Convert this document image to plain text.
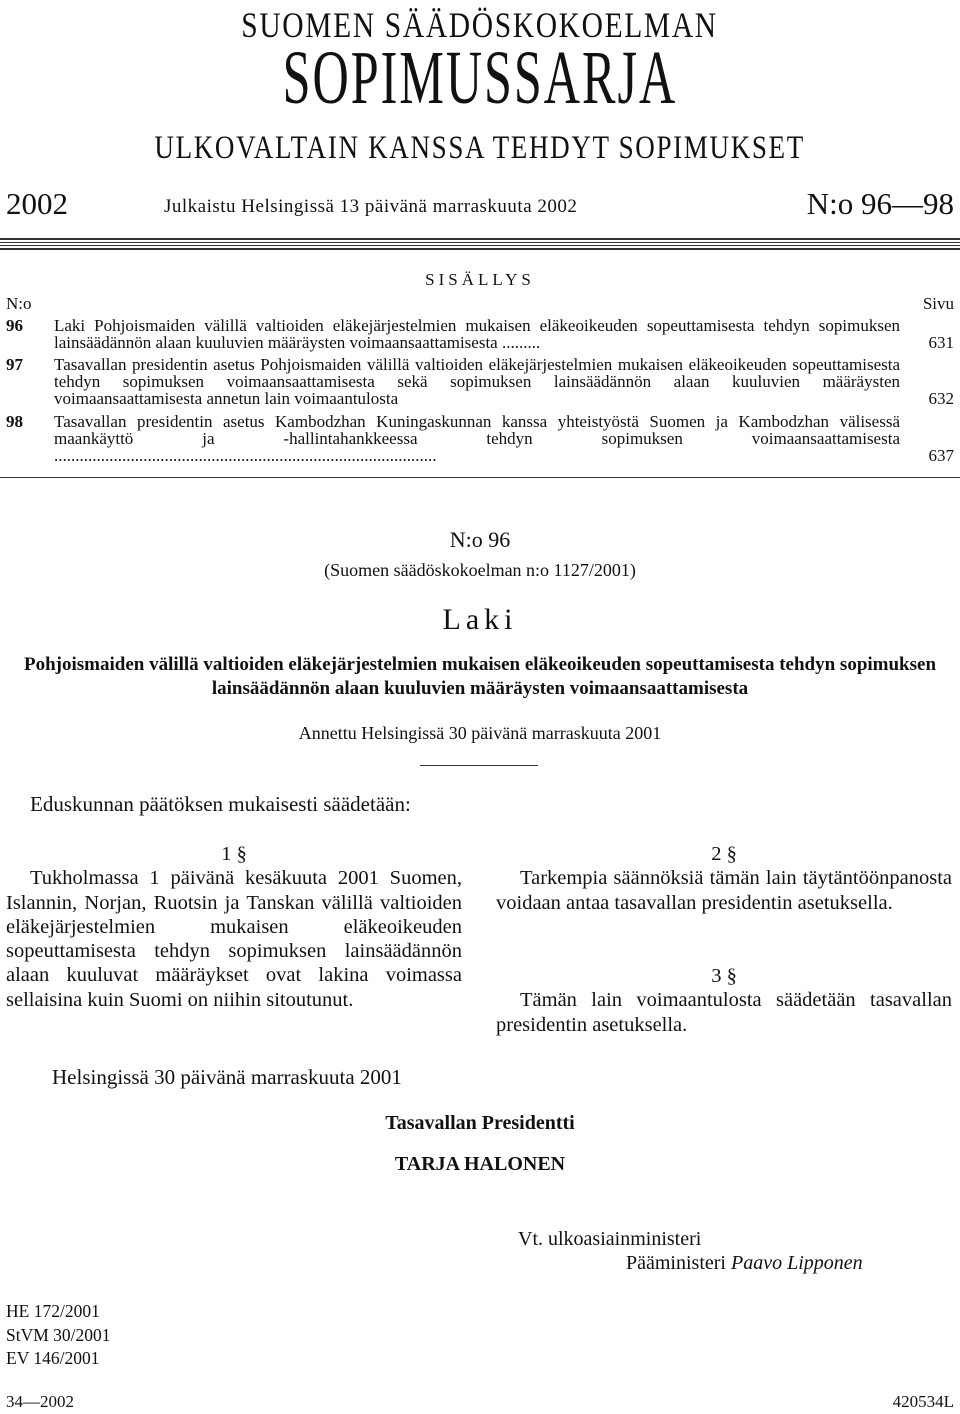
SUOMEN SÄÄDÖSKOKOELMAN
SOPIMUSSARJA
ULKOVALTAIN KANSSA TEHDYT SOPIMUKSET
2002	Julkaistu Helsingissä 13 päivänä marraskuuta 2002	N:o 96—98
SISÄLLYS
N:o	Sivu
96 Laki Pohjoismaiden välillä valtioiden eläkejärjestelmien mukaisen eläkeoikeuden sopeuttamisesta tehdyn sopimuksen lainsäädännön alaan kuuluvien määräysten voimaansaattamisesta .........	631
97 Tasavallan presidentin asetus Pohjoismaiden välillä valtioiden eläkejärjestelmien mukaisen eläkeoikeuden sopeuttamisesta tehdyn sopimuksen voimaansaattamisesta sekä sopimuksen lainsäädännön alaan kuuluvien määräysten voimaansaattamisesta annetun lain voimaantulosta	632
98 Tasavallan presidentin asetus Kambodzhan Kuningaskunnan kanssa yhteistyöstä Suomen ja Kambodzhan välisessä maankäyttö ja -hallintahankkeessa tehdyn sopimuksen voimaansaattamisesta ..........................................................................................	637
N:o 96
(Suomen säädöskokoelman n:o 1127/2001)
Laki
Pohjoismaiden välillä valtioiden eläkejärjestelmien mukaisen eläkeoikeuden sopeuttamisesta tehdyn sopimuksen lainsäädännön alaan kuuluvien määräysten voimaansaattamisesta
Annettu Helsingissä 30 päivänä marraskuuta 2001
Eduskunnan päätöksen mukaisesti säädetään:
1 §
Tukholmassa 1 päivänä kesäkuuta 2001 Suomen, Islannin, Norjan, Ruotsin ja Tanskan välillä valtioiden eläkejärjestelmien mukaisen eläkeoikeuden sopeuttamisesta tehdyn sopimuksen lainsäädännön alaan kuuluvat määräykset ovat lakina voimassa sellaisina kuin Suomi on niihin sitoutunut.
2 §
Tarkempia säännöksiä tämän lain täytäntöönpanosta voidaan antaa tasavallan presidentin asetuksella.
3 §
Tämän lain voimaantulosta säädetään tasavallan presidentin asetuksella.
Helsingissä 30 päivänä marraskuuta 2001
Tasavallan Presidentti
TARJA HALONEN
Vt. ulkoasiainministeri
Pääministeri Paavo Lipponen
HE 172/2001
StVM 30/2001
EV 146/2001
34—2002	420534L
